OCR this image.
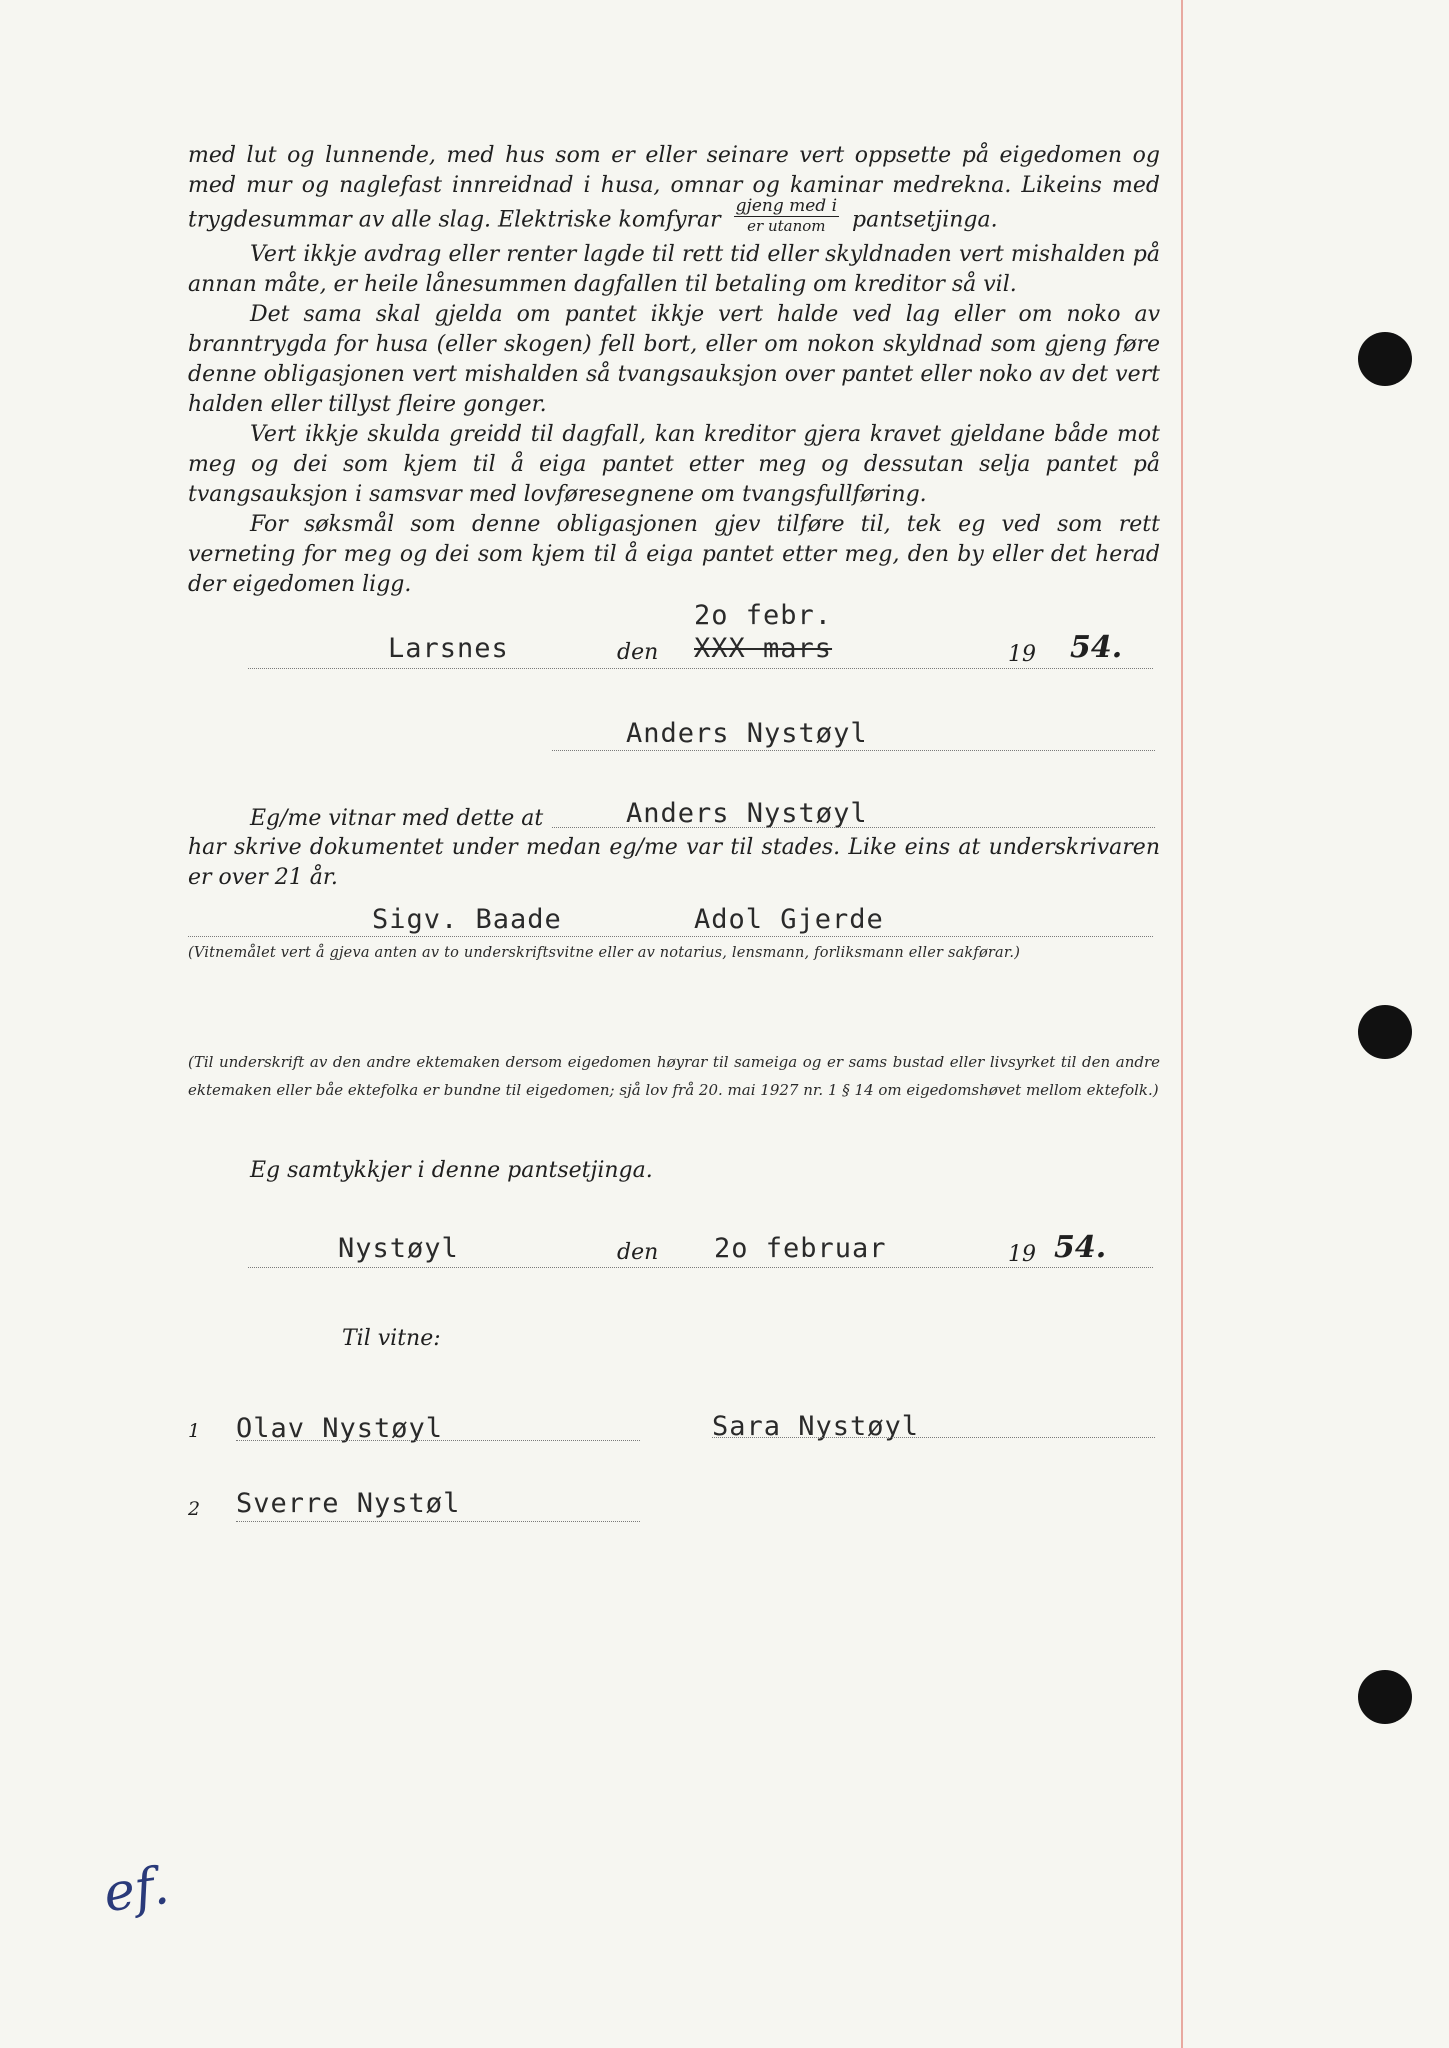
med lut og lunnende, med hus som er eller seinare vert oppsette på eigedomen og med mur og naglefast innreidnad i husa, omnar og kaminar medrekna. Likeins med trygdesummar av alle slag. Elektriske komfyrar $\frac{\text{gjeng med i}}{\text{er utanom}}$ pantsetjinga.

Vert ikkje avdrag eller renter lagde til rett tid eller skyldnaden vert mishalden på annan måte, er heile lånesummen dagfallen til betaling om kreditor så vil.

Det sama skal gjelda om pantet ikkje vert halde ved lag eller om noko av branntrygda for husa (eller skogen) fell bort, eller om nokon skyldnad som gjeng føre denne obligasjonen vert mishalden så tvangsauksjon over pantet eller noko av det vert halden eller tillyst fleire gonger.

Vert ikkje skulda greidd til dagfall, kan kreditor gjera kravet gjeldane både mot meg og dei som kjem til å eiga pantet etter meg og dessutan selja pantet på tvangsauksjon i samsvar med lovføresegnene om tvangsfullføring.

For søksmål som denne obligasjonen gjev tilføre til, tek eg ved som rett verneting for meg og dei som kjem til å eiga pantet etter meg, den by eller det herad der eigedomen ligg.

2o febr.
Larsnes	den XXX mars	19 54.
Anders Nystøyl
Eg/me vitnar med dette at	Anders Nystøyl

har skrive dokumentet under medan eg/me var til stades. Like eins at underskrivaren er over 21 år.

Sigv. Baade	Adol Gjerde
(Vitnemålet vert å gjeva anten av to underskriftsvitne eller av notarius, lensmann, forliksmann eller sakførar.)
(Til underskrift av den andre ektemaken dersom eigedomen høyrar til sameiga og er sams bustad eller livsyrket til den andre ektemaken eller båe ektefolka er bundne til eigedomen; sjå lov frå 20. mai 1927 nr. 1 § 14 om eigedomshøvet mellom ektefolk.)
Eg samtykkjer i denne pantsetjinga.
Nystøyl	den 2o februar	19 54.
Til vitne:
1 Olav Nystøyl	Sara Nystøyl
2 Sverre Nystøl
ef.
